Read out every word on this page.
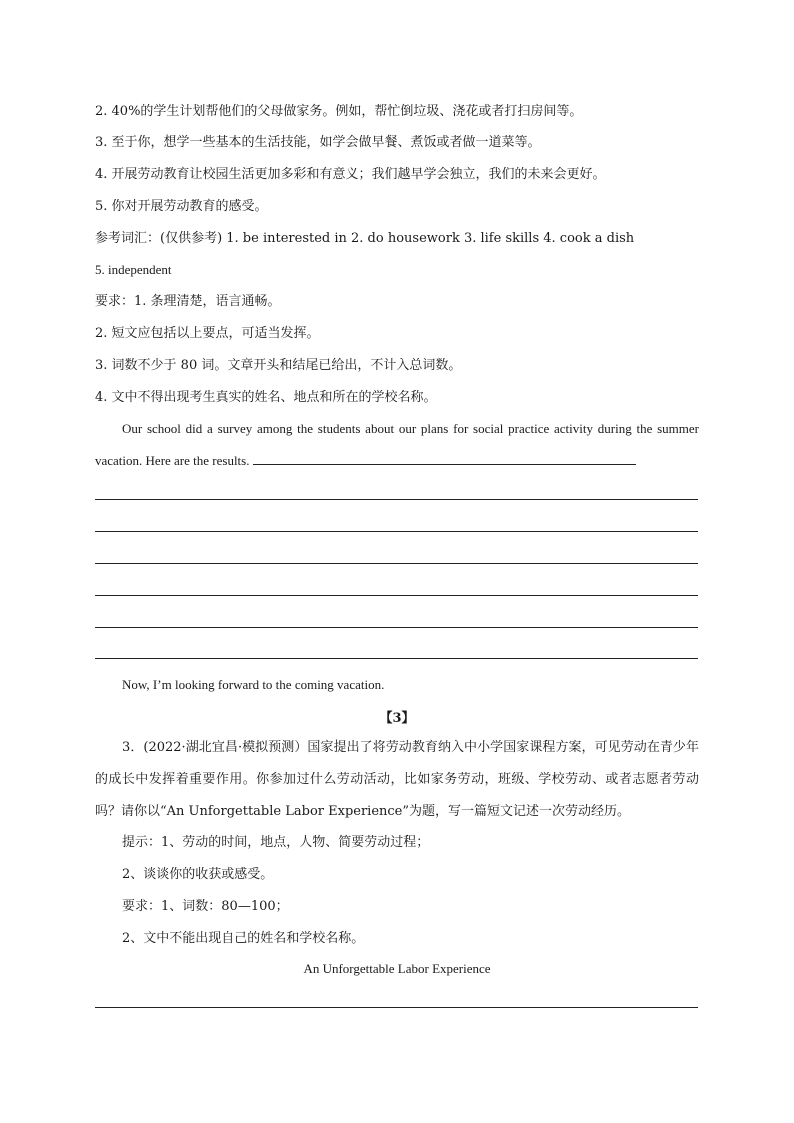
2. 40%的学生计划帮他们的父母做家务。例如，帮忙倒垃圾、浇花或者打扫房间等。
3. 至于你，想学一些基本的生活技能，如学会做早餐、煮饭或者做一道菜等。
4. 开展劳动教育让校园生活更加多彩和有意义；我们越早学会独立，我们的未来会更好。
5. 你对开展劳动教育的感受。
参考词汇：(仅供参考) 1. be interested in 2. do housework 3. life skills 4. cook a dish
5. independent
要求：1. 条理清楚，语言通畅。
2. 短文应包括以上要点，可适当发挥。
3. 词数不少于 80 词。文章开头和结尾已给出，不计入总词数。
4. 文中不得出现考生真实的姓名、地点和所在的学校名称。
Our school did a survey among the students about our plans for social practice activity during the summer vacation. Here are the results.
Now, I’m looking forward to the coming vacation.
【3】
3．(2022·湖北宜昌·模拟预测）国家提出了将劳动教育纳入中小学国家课程方案，可见劳动在青少年的成长中发挥着重要作用。你参加过什么劳动活动，比如家务劳动，班级、学校劳动、或者志愿者劳动吗？请你以“An Unforgettable Labor Experience”为题，写一篇短文记述一次劳动经历。
提示：1、劳动的时间，地点，人物、简要劳动过程；
2、谈谈你的收获或感受。
要求：1、词数：80—100；
2、文中不能出现自己的姓名和学校名称。
An Unforgettable Labor Experience
